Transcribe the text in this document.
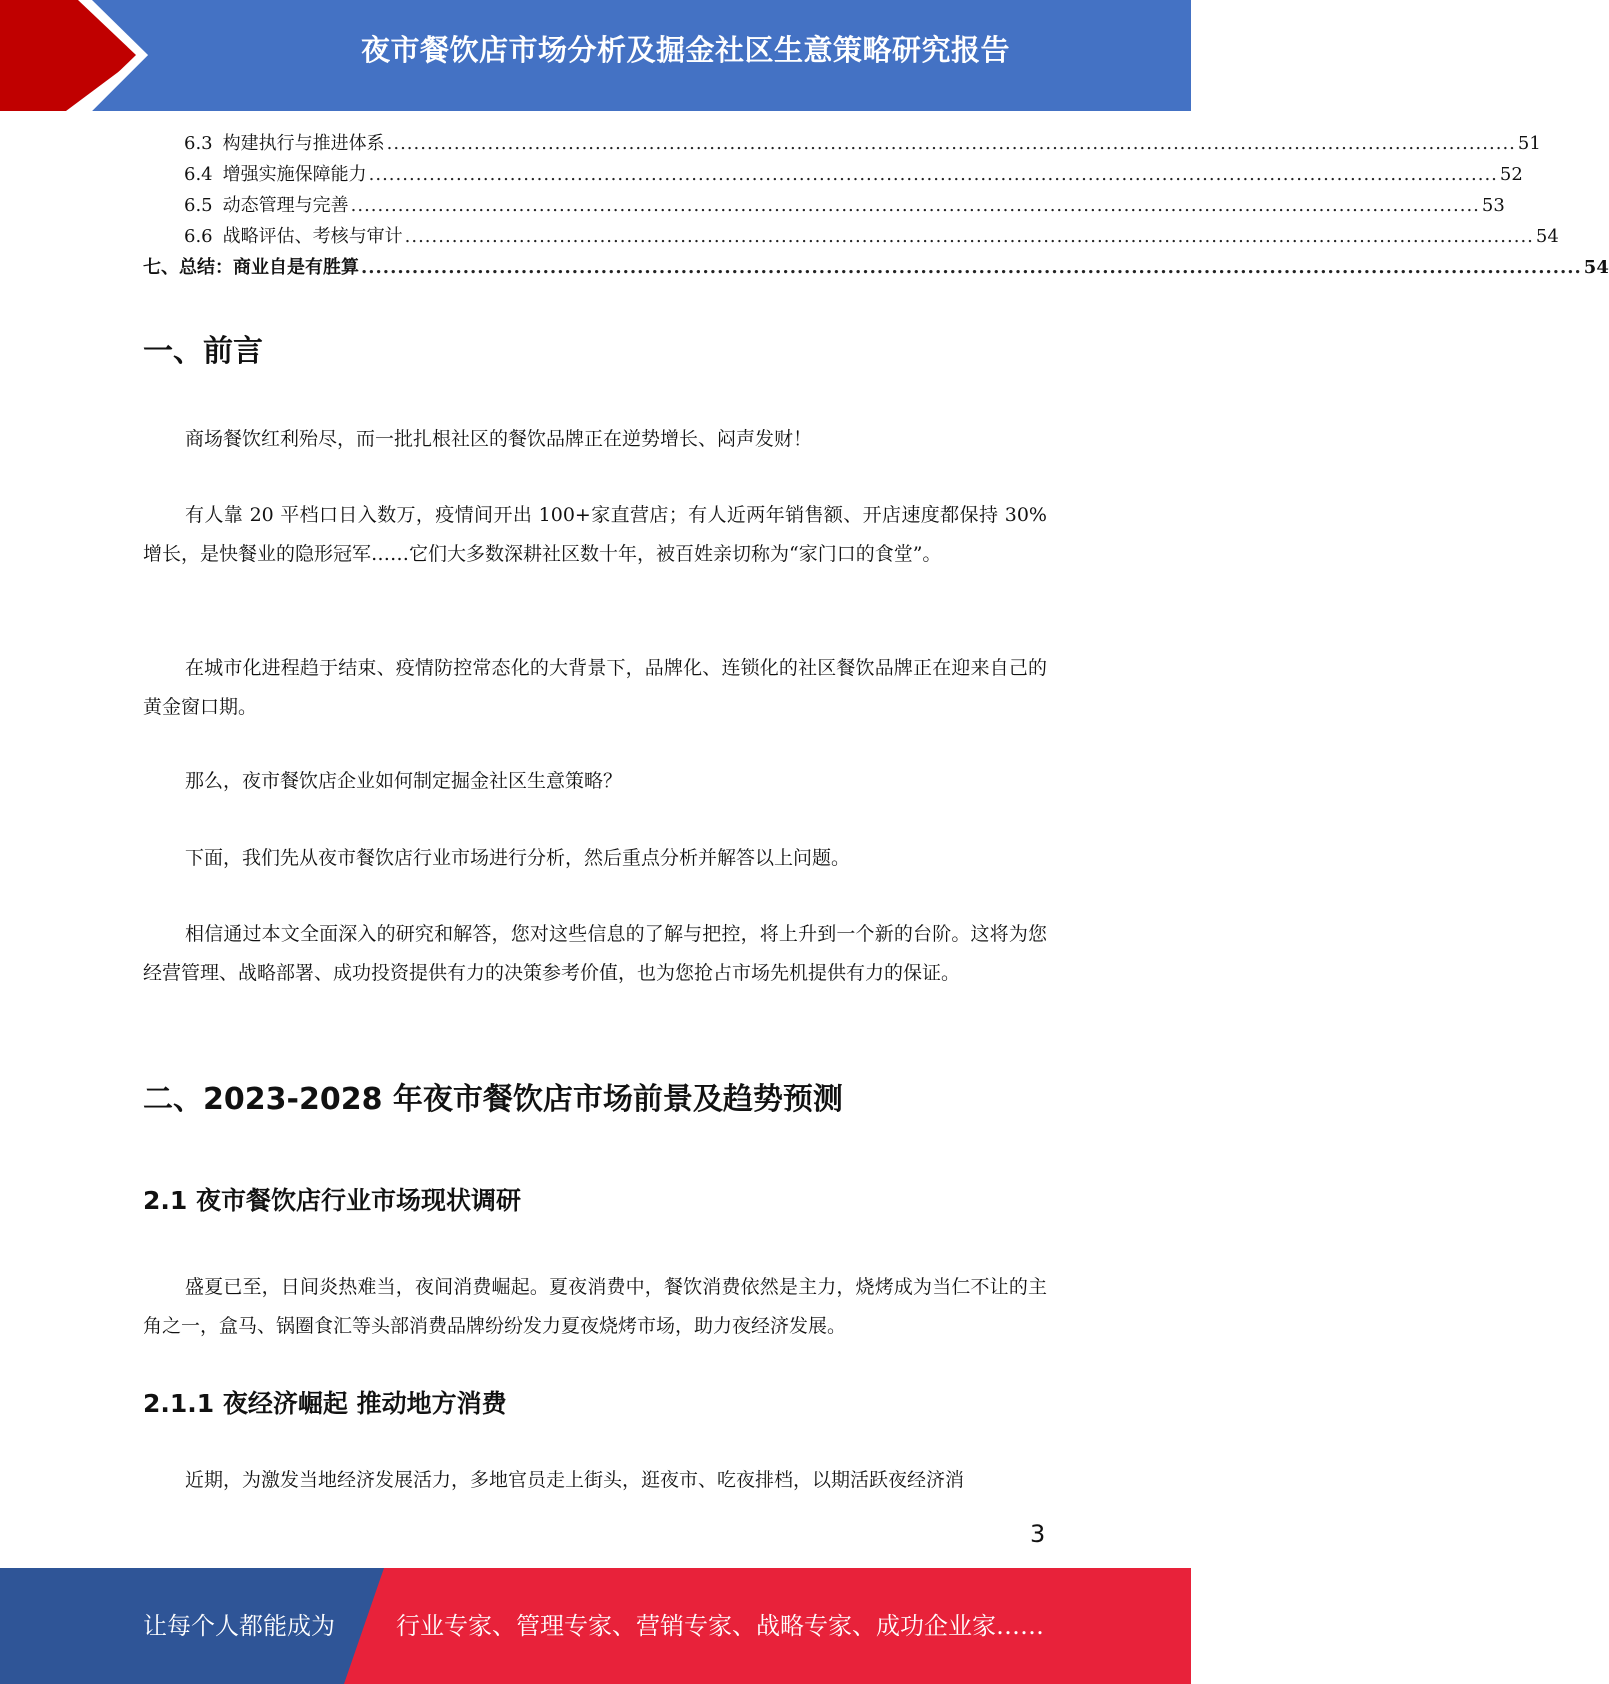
夜市餐饮店市场分析及掘金社区生意策略研究报告
6.3 构建执行与推进体系 ........................................................................................................................................................................ 51
6.4 增强实施保障能力 ........................................................................................................................................................................ 52
6.5 动态管理与完善 ........................................................................................................................................................................ 53
6.6 战略评估、考核与审计 ........................................................................................................................................................................ 54
七、总结：商业自是有胜算 ........................................................................................................................................................................ 54
一、前言

商场餐饮红利殆尽，而一批扎根社区的餐饮品牌正在逆势增长、闷声发财！

有人靠 20 平档口日入数万，疫情间开出 100+家直营店；有人近两年销售额、开店速度都保持 30%增长，是快餐业的隐形冠军……它们大多数深耕社区数十年，被百姓亲切称为“家门口的食堂”。

在城市化进程趋于结束、疫情防控常态化的大背景下，品牌化、连锁化的社区餐饮品牌正在迎来自己的黄金窗口期。

那么，夜市餐饮店企业如何制定掘金社区生意策略？

下面，我们先从夜市餐饮店行业市场进行分析，然后重点分析并解答以上问题。

相信通过本文全面深入的研究和解答，您对这些信息的了解与把控，将上升到一个新的台阶。这将为您经营管理、战略部署、成功投资提供有力的决策参考价值，也为您抢占市场先机提供有力的保证。

二、2023-2028 年夜市餐饮店市场前景及趋势预测
2.1 夜市餐饮店行业市场现状调研

盛夏已至，日间炎热难当，夜间消费崛起。夏夜消费中，餐饮消费依然是主力，烧烤成为当仁不让的主角之一，盒马、锅圈食汇等头部消费品牌纷纷发力夏夜烧烤市场，助力夜经济发展。

2.1.1 夜经济崛起 推动地方消费

近期，为激发当地经济发展活力，多地官员走上街头，逛夜市、吃夜排档，以期活跃夜经济消

3
让每个人都能成为	行业专家、管理专家、营销专家、战略专家、成功企业家……
